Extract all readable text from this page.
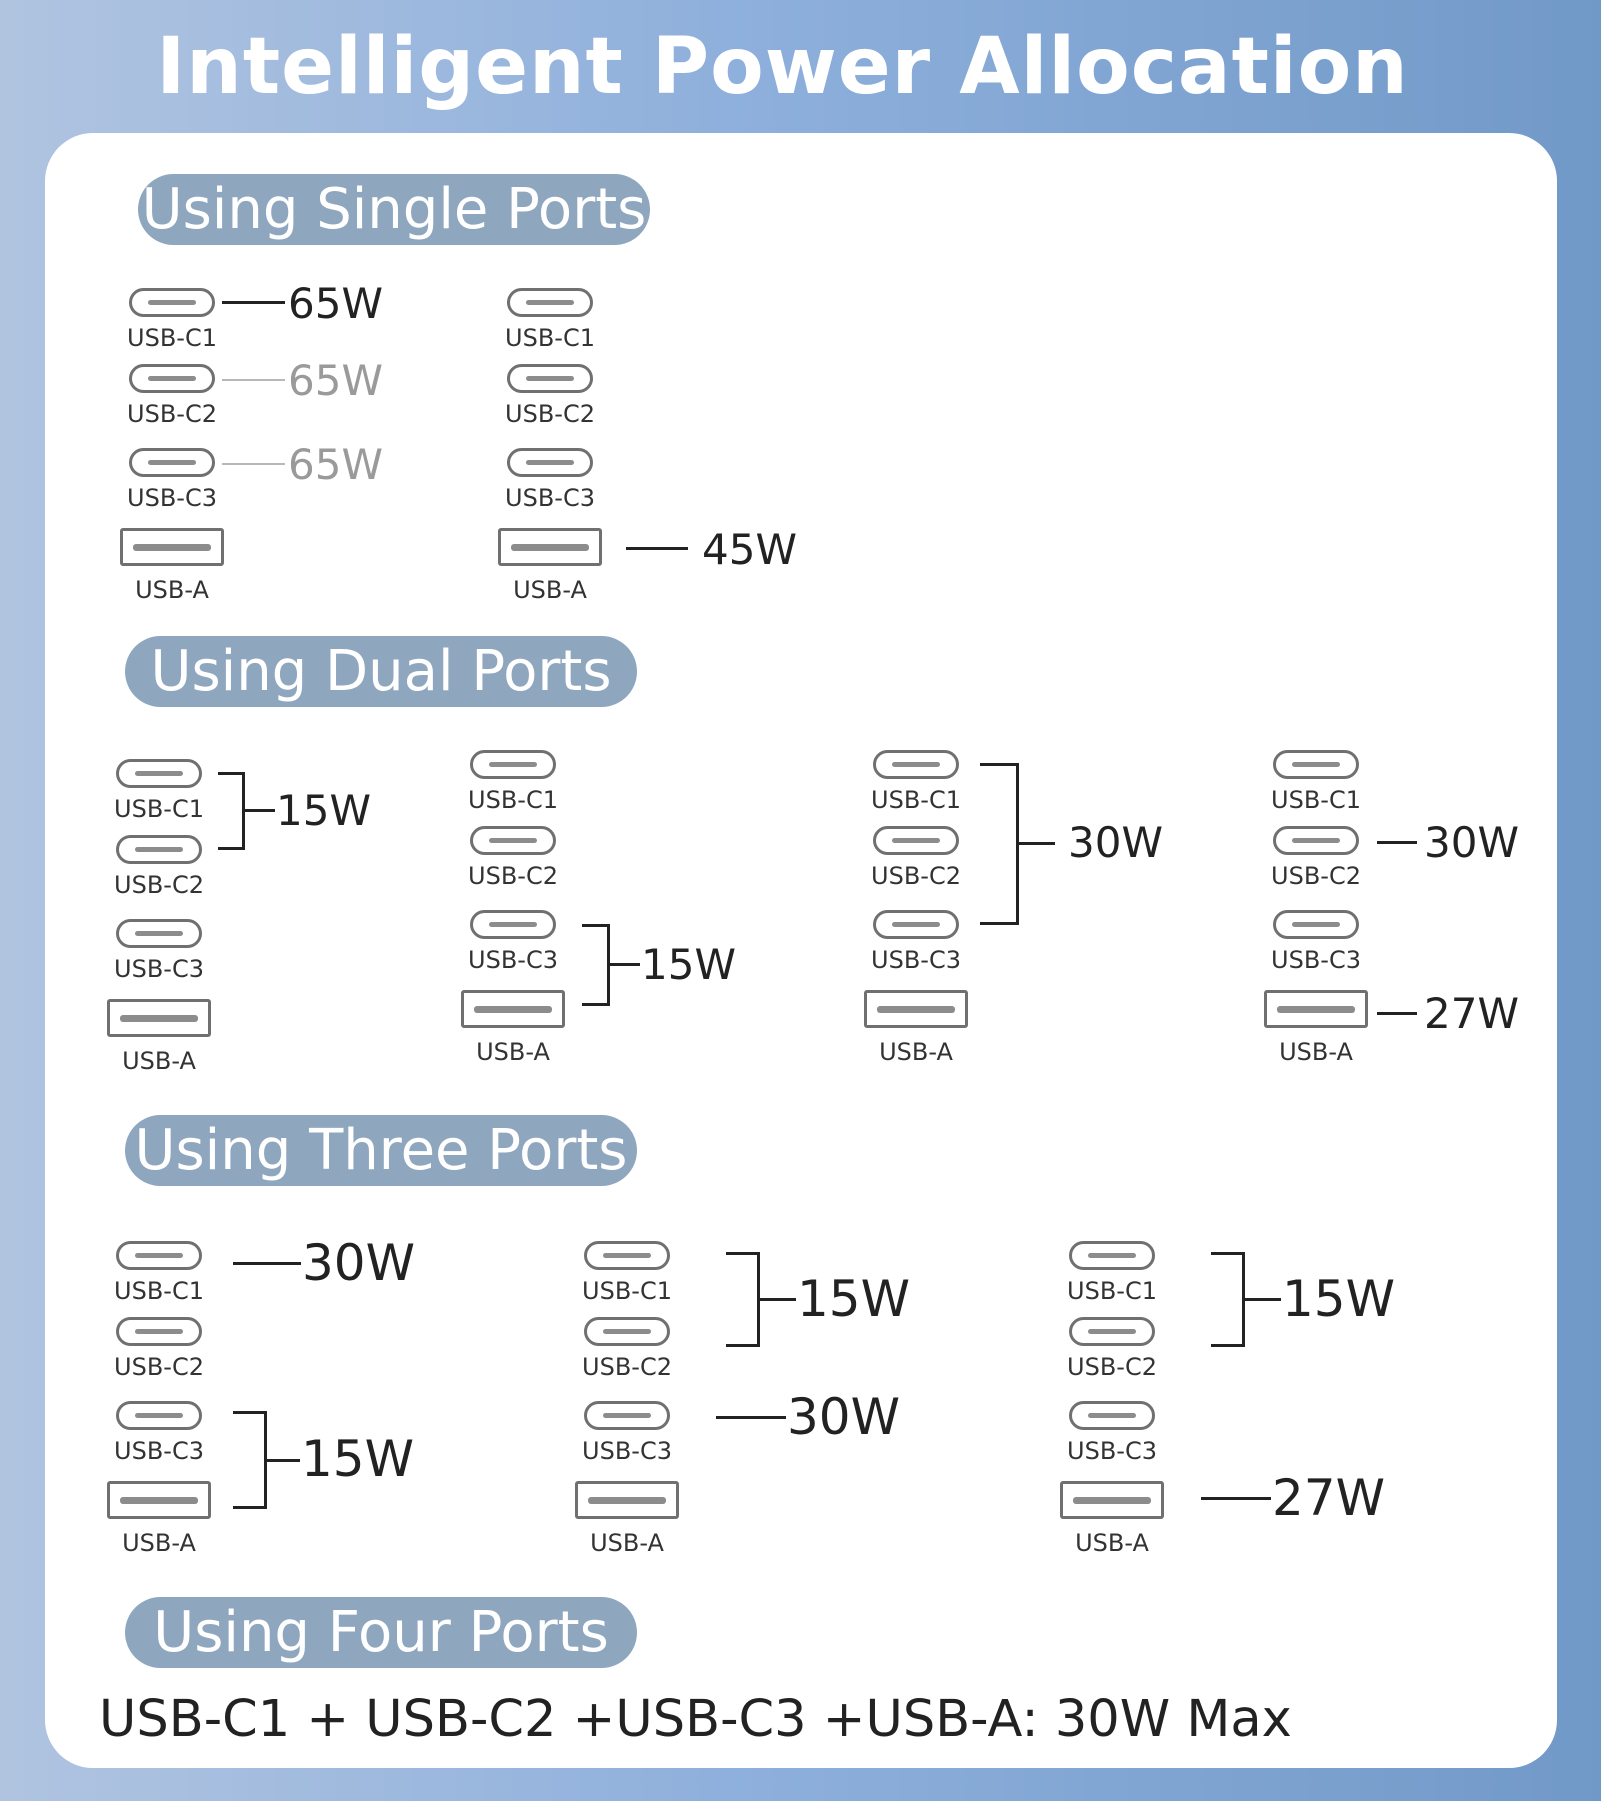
Intelligent Power Allocation
Using Single Ports
Using Dual Ports
Using Three Ports
Using Four Ports
USB-C1
USB-C2
USB-C3
USB-A
65W
65W
65W
USB-C1
USB-C2
USB-C3
USB-A
45W
USB-C1
USB-C2
USB-C3
USB-A
15W	USB-C1
USB-C2
USB-C3
USB-A
15W
USB-C1
USB-C2
USB-C3
USB-A
30W
USB-C1
USB-C2
USB-C3
USB-A
30W
27W
USB-C1
USB-C2
USB-C3
USB-A
30W
15W
USB-C1
USB-C2
USB-C3
USB-A
15W
30W
USB-C1
USB-C2
USB-C3
USB-A
15W
27W
USB-C1 + USB-C2 +USB-C3 +USB-A: 30W Max
